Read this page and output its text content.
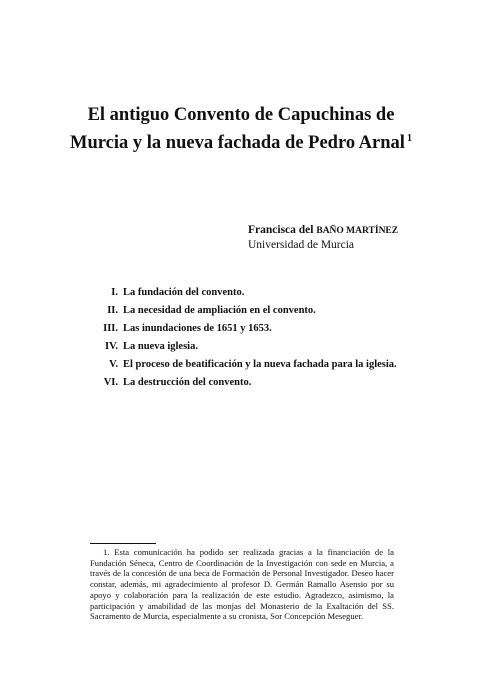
El antiguo Convento de Capuchinas de
Murcia y la nueva fachada de Pedro Arnal $^1$
Francisca del BAÑO MARTÍNEZ
Universidad de Murcia
I. La fundación del convento.
II. La necesidad de ampliación en el convento.
III. Las inundaciones de 1651 y 1653.
IV. La nueva iglesia.
V. El proceso de beatificación y la nueva fachada para la iglesia.
VI. La destrucción del convento.
1. Esta comunicación ha podido ser realizada gracias a la financiación de la Fundación Séneca, Centro de Coordinación de la Investigación con sede en Murcia, a través de la concesión de una beca de Formación de Personal Investigador. Deseo hacer constar, además, mi agradecimiento al profesor D. Germán Ramallo Asensio por su apoyo y colaboración para la realización de este estudio. Agradezco, asimismo, la participación y amabilidad de las monjas del Monasterio de la Exaltación del SS. Sacramento de Murcia, especialmente a su cronista, Sor Concepción Meseguer.
